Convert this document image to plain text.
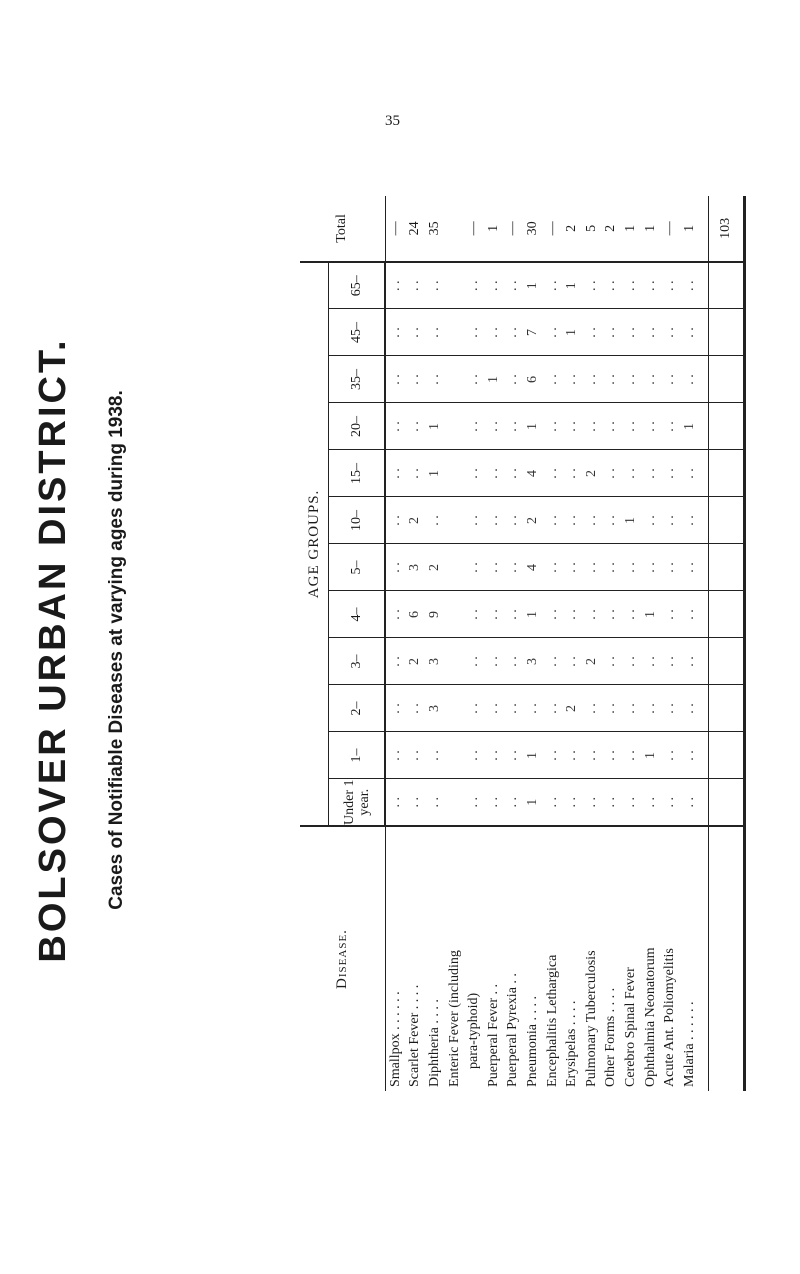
35
BOLSOVER URBAN DISTRICT. Cases of Notifiable Diseases at varying ages during 1938.
Disease.	AGE GROUPS.												Total
	Under 1 year.	1–	2–	3–	4–	5–	10–	15–	20–	35–	45–	65–	
Smallpox . . . . . .	. .	. .	. .	. .	. .	. .	. .	. .	. .	. .	. .	. .	—
Scarlet Fever . . . .	. .	. .	. .	2	6	3	2	. .	. .	. .	. .	. .	24
Diphtheria . . . .	. .	. .	3	3	9	2	. .	1	1	. .	. .	. .	35
Enteric Fever (including													
para-typhoid)	. .	. .	. .	. .	. .	. .	. .	. .	. .	. .	. .	. .	—
Puerperal Fever . .	. .	. .	. .	. .	. .	. .	. .	. .	. .	1	. .	. .	1
Puerperal Pyrexia . .	. .	. .	. .	. .	. .	. .	. .	. .	. .	. .	. .	. .	—
Pneumonia . . . .	1	1	. .	3	1	4	2	4	1	6	7	1	30
Encephalitis Lethargica	. .	. .	. .	. .	. .	. .	. .	. .	. .	. .	. .	. .	—
Erysipelas . . . .	. .	. .	2	. .	. .	. .	. .	. .	. .	. .	1	1	2
Pulmonary Tuberculosis	. .	. .	. .	2	. .	. .	. .	2	. .	. .	. .	. .	5
Other Forms . . . .	. .	. .	. .	. .	. .	. .	. .	. .	. .	. .	. .	. .	2
Cerebro Spinal Fever	. .	. .	. .	. .	. .	. .	1	. .	. .	. .	. .	. .	1
Ophthalmia Neonatorum	. .	1	. .	. .	1	. .	. .	. .	. .	. .	. .	. .	1
Acute Ant. Poliomyelitis	. .	. .	. .	. .	. .	. .	. .	. .	. .	. .	. .	. .	—
Malaria . . . . . .	. .	. .	. .	. .	. .	. .	. .	. .	1	. .	. .	. .	1
													103
